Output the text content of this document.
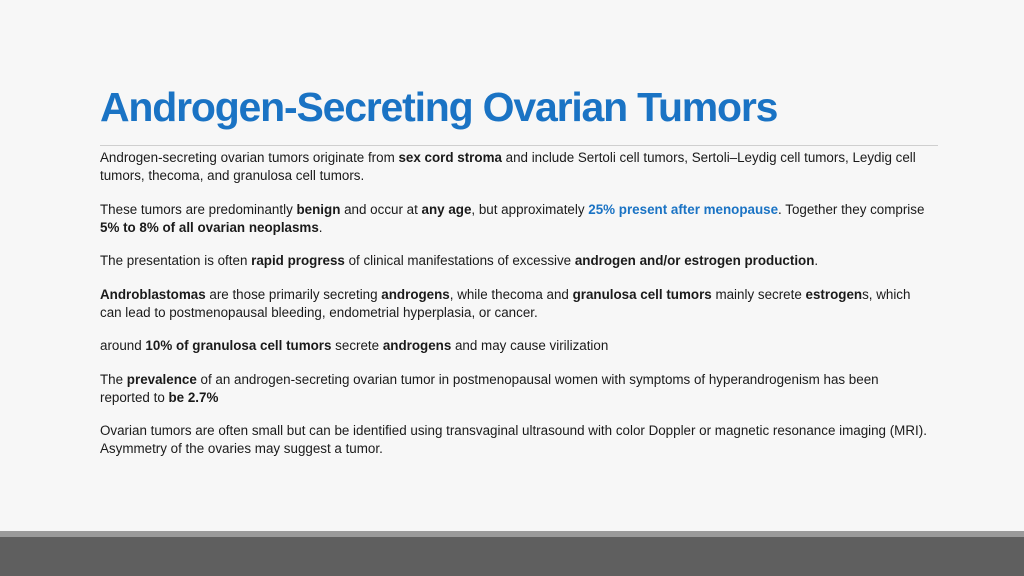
Androgen-Secreting Ovarian Tumors

Androgen-secreting ovarian tumors originate from sex cord stroma and include Sertoli cell tumors, Sertoli–Leydig cell tumors, Leydig cell tumors, thecoma, and granulosa cell tumors.

These tumors are predominantly benign and occur at any age, but approximately 25% present after menopause. Together they comprise 5% to 8% of all ovarian neoplasms.

The presentation is often rapid progress of clinical manifestations of excessive androgen and/or estrogen production.

Androblastomas are those primarily secreting androgens, while thecoma and granulosa cell tumors mainly secrete estrogens, which can lead to postmenopausal bleeding, endometrial hyperplasia, or cancer.

around 10% of granulosa cell tumors secrete androgens and may cause virilization

The prevalence of an androgen-secreting ovarian tumor in postmenopausal women with symptoms of hyperandrogenism has been reported to be 2.7%

Ovarian tumors are often small but can be identified using transvaginal ultrasound with color Doppler or magnetic resonance imaging (MRI). Asymmetry of the ovaries may suggest a tumor.
